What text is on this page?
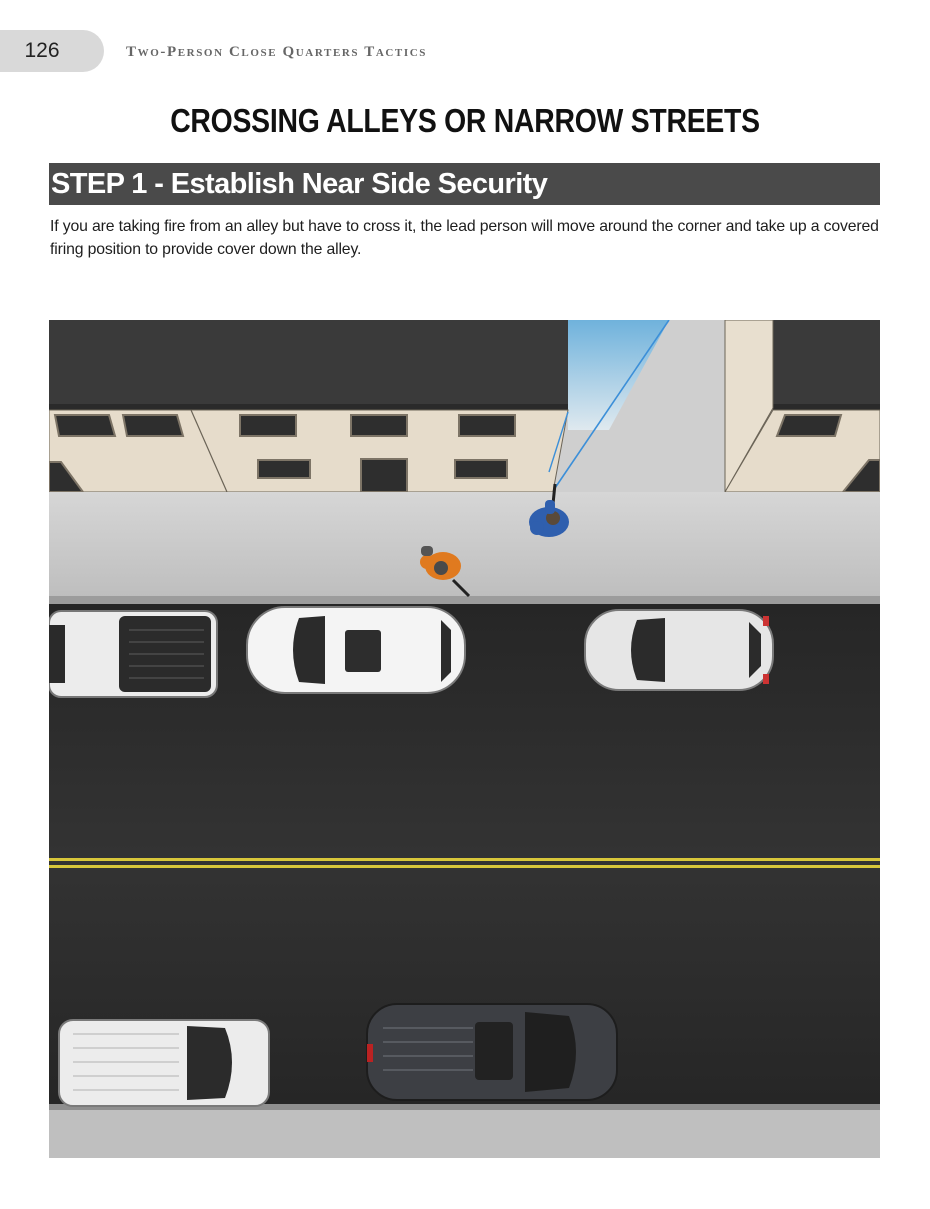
126	Two-Person Close Quarters Tactics
CROSSING ALLEYS OR NARROW STREETS
STEP 1 - Establish Near Side Security
If you are taking fire from an alley but have to cross it, the lead person will move around the corner and take up a covered firing position to provide cover down the alley.
